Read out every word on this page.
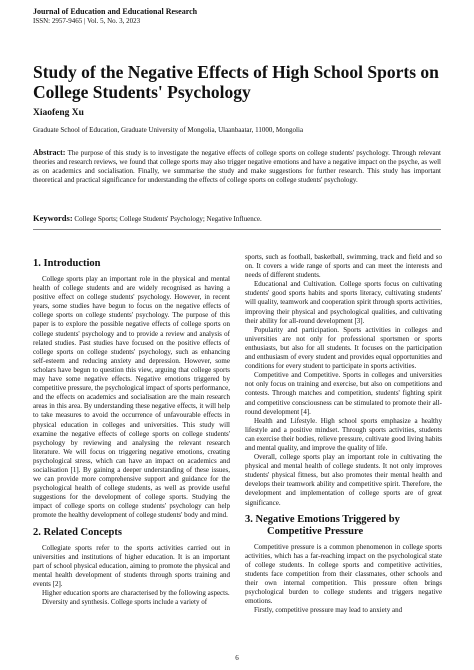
Journal of Education and Educational Research
ISSN: 2957-9465 | Vol. 5, No. 3, 2023
Study of the Negative Effects of High School Sports on College Students' Psychology
Xiaofeng Xu
Graduate School of Education, Graduate University of Mongolia, Ulaanbaatar, 11000, Mongolia
Abstract: The purpose of this study is to investigate the negative effects of college sports on college students' psychology. Through relevant theories and research reviews, we found that college sports may also trigger negative emotions and have a negative impact on the psyche, as well as on academics and socialisation. Finally, we summarise the study and make suggestions for further research. This study has important theoretical and practical significance for understanding the effects of college sports on college students' psychology.
Keywords: College Sports; College Students' Psychology; Negative Influence.
1. Introduction

College sports play an important role in the physical and mental health of college students and are widely recognised as having a positive effect on college students' psychology. However, in recent years, some studies have begun to focus on the negative effects of college sports on college students' psychology. The purpose of this paper is to explore the possible negative effects of college sports on college students' psychology and to provide a review and analysis of related studies. Past studies have focused on the positive effects of college sports on college students' psychology, such as enhancing self-esteem and reducing anxiety and depression. However, some scholars have begun to question this view, arguing that college sports may have some negative effects. Negative emotions triggered by competitive pressure, the psychological impact of sports performance, and the effects on academics and socialisation are the main research areas in this area. By understanding these negative effects, it will help to take measures to avoid the occurrence of unfavourable effects in physical education in colleges and universities. This study will examine the negative effects of college sports on college students' psychology by reviewing and analysing the relevant research literature. We will focus on triggering negative emotions, creating psychological stress, which can have an impact on academics and socialisation [1]. By gaining a deeper understanding of these issues, we can provide more comprehensive support and guidance for the psychological health of college students, as well as provide useful suggestions for the development of college sports. Studying the impact of college sports on college students' psychology can help promote the healthy development of college students' body and mind.

2. Related Concepts

Collegiate sports refer to the sports activities carried out in universities and institutions of higher education. It is an important part of school physical education, aiming to promote the physical and mental health development of students through sports training and events [2].

Higher education sports are characterised by the following aspects.

Diversity and synthesis. College sports include a variety of

sports, such as football, basketball, swimming, track and field and so on. It covers a wide range of sports and can meet the interests and needs of different students.

Educational and Cultivation. College sports focus on cultivating students' good sports habits and sports literacy, cultivating students' will quality, teamwork and cooperation spirit through sports activities, improving their physical and psychological qualities, and cultivating their ability for all-round development [3].

Popularity and participation. Sports activities in colleges and universities are not only for professional sportsmen or sports enthusiasts, but also for all students. It focuses on the participation and enthusiasm of every student and provides equal opportunities and conditions for every student to participate in sports activities.

Competitive and Competitive. Sports in colleges and universities not only focus on training and exercise, but also on competitions and contests. Through matches and competition, students' fighting spirit and competitive consciousness can be stimulated to promote their all-round development [4].

Health and Lifestyle. High school sports emphasize a healthy lifestyle and a positive mindset. Through sports activities, students can exercise their bodies, relieve pressure, cultivate good living habits and mental quality, and improve the quality of life.

Overall, college sports play an important role in cultivating the physical and mental health of college students. It not only improves students' physical fitness, but also promotes their mental health and develops their teamwork ability and competitive spirit. Therefore, the development and implementation of college sports are of great significance.

3. Negative Emotions Triggered by
Competitive Pressure

Competitive pressure is a common phenomenon in college sports activities, which has a far-reaching impact on the psychological state of college students. In college sports and competitive activities, students face competition from their classmates, other schools and their own internal competition. This pressure often brings psychological burden to college students and triggers negative emotions.

Firstly, competitive pressure may lead to anxiety and

6
